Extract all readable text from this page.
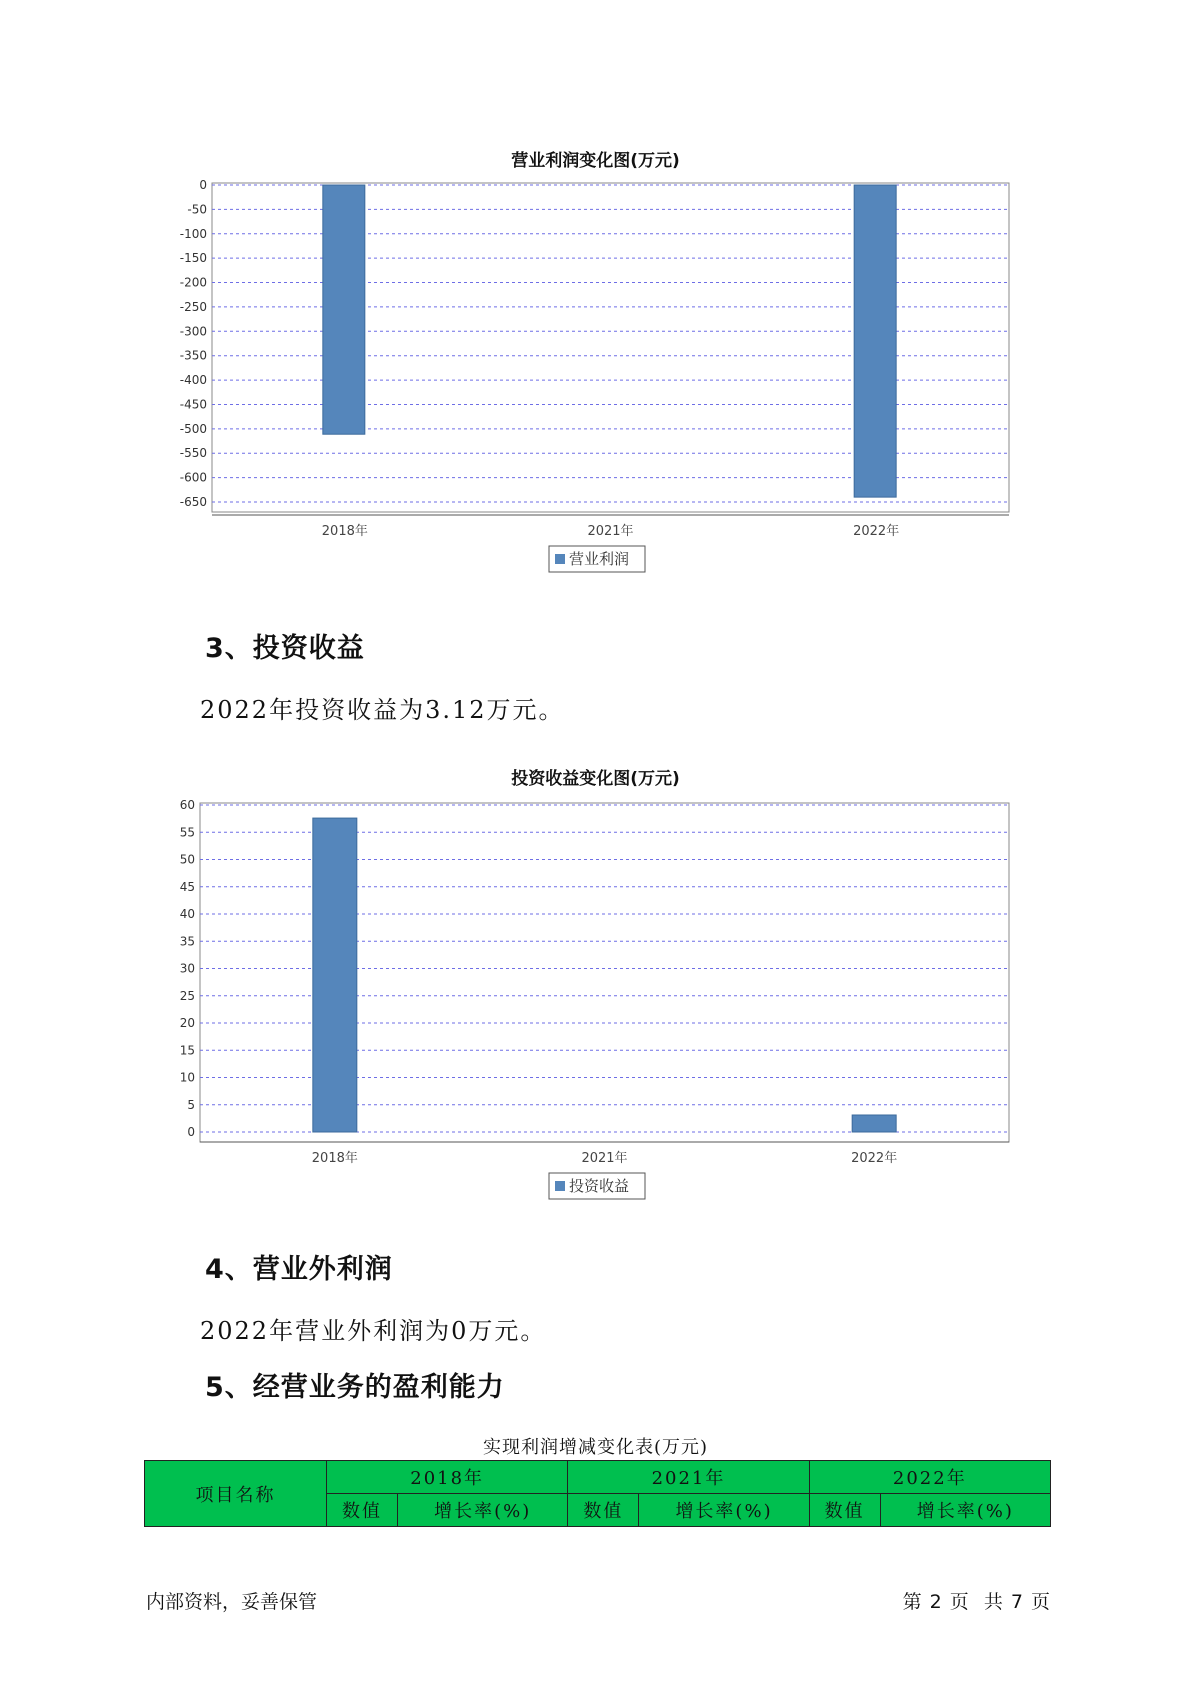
营业利润变化图(万元)
0
-50
-100
-150
-200
-250
-300
-350
-400
-450
-500
-550
-600
-650
2018年	2021年	2022年
营业利润
3、投资收益
2022年投资收益为3.12万元。
投资收益变化图(万元)
60
55
50
45
40
35
30
25
20
15
10
5
0
2018年	2021年	2022年
投资收益
4、营业外利润
2022年营业外利润为0万元。
5、经营业务的盈利能力
实现利润增减变化表(万元)
项目名称	2018年		2021年		2022年	
	数值	增长率(%)	数值	增长率(%)	数值	增长率(%)
内部资料，妥善保管	第 2 页  共 7 页
